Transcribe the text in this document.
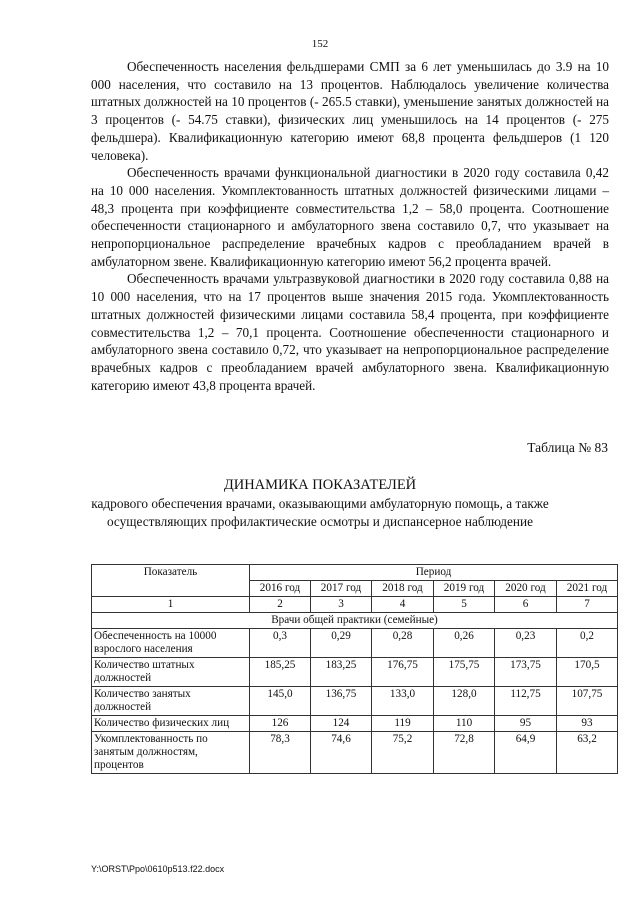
152

Обеспеченность населения фельдшерами СМП за 6 лет уменьшилась до 3.9 на 10 000 населения, что составило на 13 процентов. Наблюдалось увеличение количества штатных должностей на 10 процентов (- 265.5 ставки), уменьшение занятых должностей на 3 процентов (- 54.75 ставки), физических лиц уменьшилось на 14 процентов (- 275 фельдшера). Квалификационную категорию имеют 68,8 процента фельдшеров (1 120 человека).

Обеспеченность врачами функциональной диагностики в 2020 году составила 0,42 на 10 000 населения. Укомплектованность штатных должностей физическими лицами – 48,3 процента при коэффициенте совместительства 1,2 – 58,0 процента. Соотношение обеспеченности стационарного и амбулаторного звена составило 0,7, что указывает на непропорциональное распределение врачебных кадров с преобладанием врачей в амбулаторном звене. Квалификационную категорию имеют 56,2 процента врачей.

Обеспеченность врачами ультразвуковой диагностики в 2020 году составила 0,88 на 10 000 населения, что на 17 процентов выше значения 2015 года. Укомплектованность штатных должностей физическими лицами составила 58,4 процента, при коэффициенте совместительства 1,2 – 70,1 процента. Соотношение обеспеченности стационарного и амбулаторного звена составило 0,72, что указывает на непропорциональное распределение врачебных кадров с преобладанием врачей амбулаторного звена. Квалификационную категорию имеют 43,8 процента врачей.

Таблица № 83
ДИНАМИКА ПОКАЗАТЕЛЕЙ
кадрового обеспечения врачами, оказывающими амбулаторную помощь, а также осуществляющих профилактические осмотры и диспансерное наблюдение
Показатель	Период					
	2016 год	2017 год	2018 год	2019 год	2020 год	2021 год
1	2	3	4	5	6	7
Врачи общей практики (семейные)						
Обеспеченность на 10000 взрослого населения	0,3	0,29	0,28	0,26	0,23	0,2
Количество штатных должностей	185,25	183,25	176,75	175,75	173,75	170,5
Количество занятых должностей	145,0	136,75	133,0	128,0	112,75	107,75
Количество физических лиц	126	124	119	110	95	93
Укомплектованность по занятым должностям, процентов	78,3	74,6	75,2	72,8	64,9	63,2
Y:\ORST\Ppo\0610p513.f22.docx
